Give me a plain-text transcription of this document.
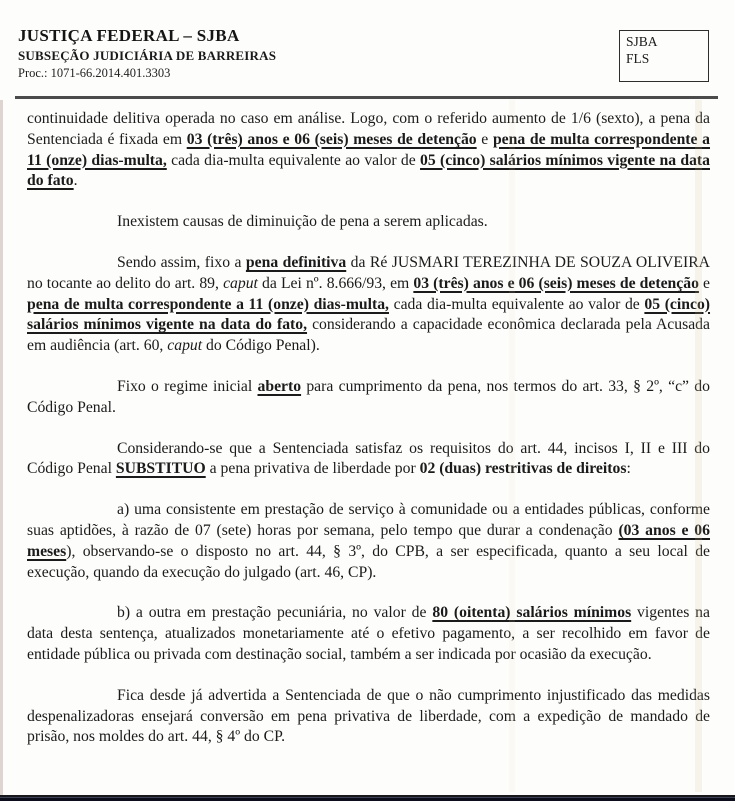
JUSTIÇA FEDERAL – SJBA
SUBSEÇÃO JUDICIÁRIA DE BARREIRAS
Proc.: 1071-66.2014.401.3303
SJBA
FLS

continuidade delitiva operada no caso em análise. Logo, com o referido aumento de 1/6 (sexto), a pena da Sentenciada é fixada em 03 (três) anos e 06 (seis) meses de detenção e pena de multa correspondente a 11 (onze) dias-multa, cada dia-multa equivalente ao valor de 05 (cinco) salários mínimos vigente na data do fato.

Inexistem causas de diminuição de pena a serem aplicadas.

Sendo assim, fixo a pena definitiva da Ré JUSMARI TEREZINHA DE SOUZA OLIVEIRA no tocante ao delito do art. 89, caput da Lei nº. 8.666/93, em 03 (três) anos e 06 (seis) meses de detenção e pena de multa correspondente a 11 (onze) dias-multa, cada dia-multa equivalente ao valor de 05 (cinco) salários mínimos vigente na data do fato, considerando a capacidade econômica declarada pela Acusada em audiência (art. 60, caput do Código Penal).

Fixo o regime inicial aberto para cumprimento da pena, nos termos do art. 33, § 2º, “c” do Código Penal.

Considerando-se que a Sentenciada satisfaz os requisitos do art. 44, incisos I, II e III do Código Penal SUBSTITUO a pena privativa de liberdade por 02 (duas) restritivas de direitos:

a) uma consistente em prestação de serviço à comunidade ou a entidades públicas, conforme suas aptidões, à razão de 07 (sete) horas por semana, pelo tempo que durar a condenação (03 anos e 06 meses), observando-se o disposto no art. 44, § 3º, do CPB, a ser especificada, quanto a seu local de execução, quando da execução do julgado (art. 46, CP).

b) a outra em prestação pecuniária, no valor de 80 (oitenta) salários mínimos vigentes na data desta sentença, atualizados monetariamente até o efetivo pagamento, a ser recolhido em favor de entidade pública ou privada com destinação social, também a ser indicada por ocasião da execução.

Fica desde já advertida a Sentenciada de que o não cumprimento injustificado das medidas despenalizadoras ensejará conversão em pena privativa de liberdade, com a expedição de mandado de prisão, nos moldes do art. 44, § 4º do CP.
